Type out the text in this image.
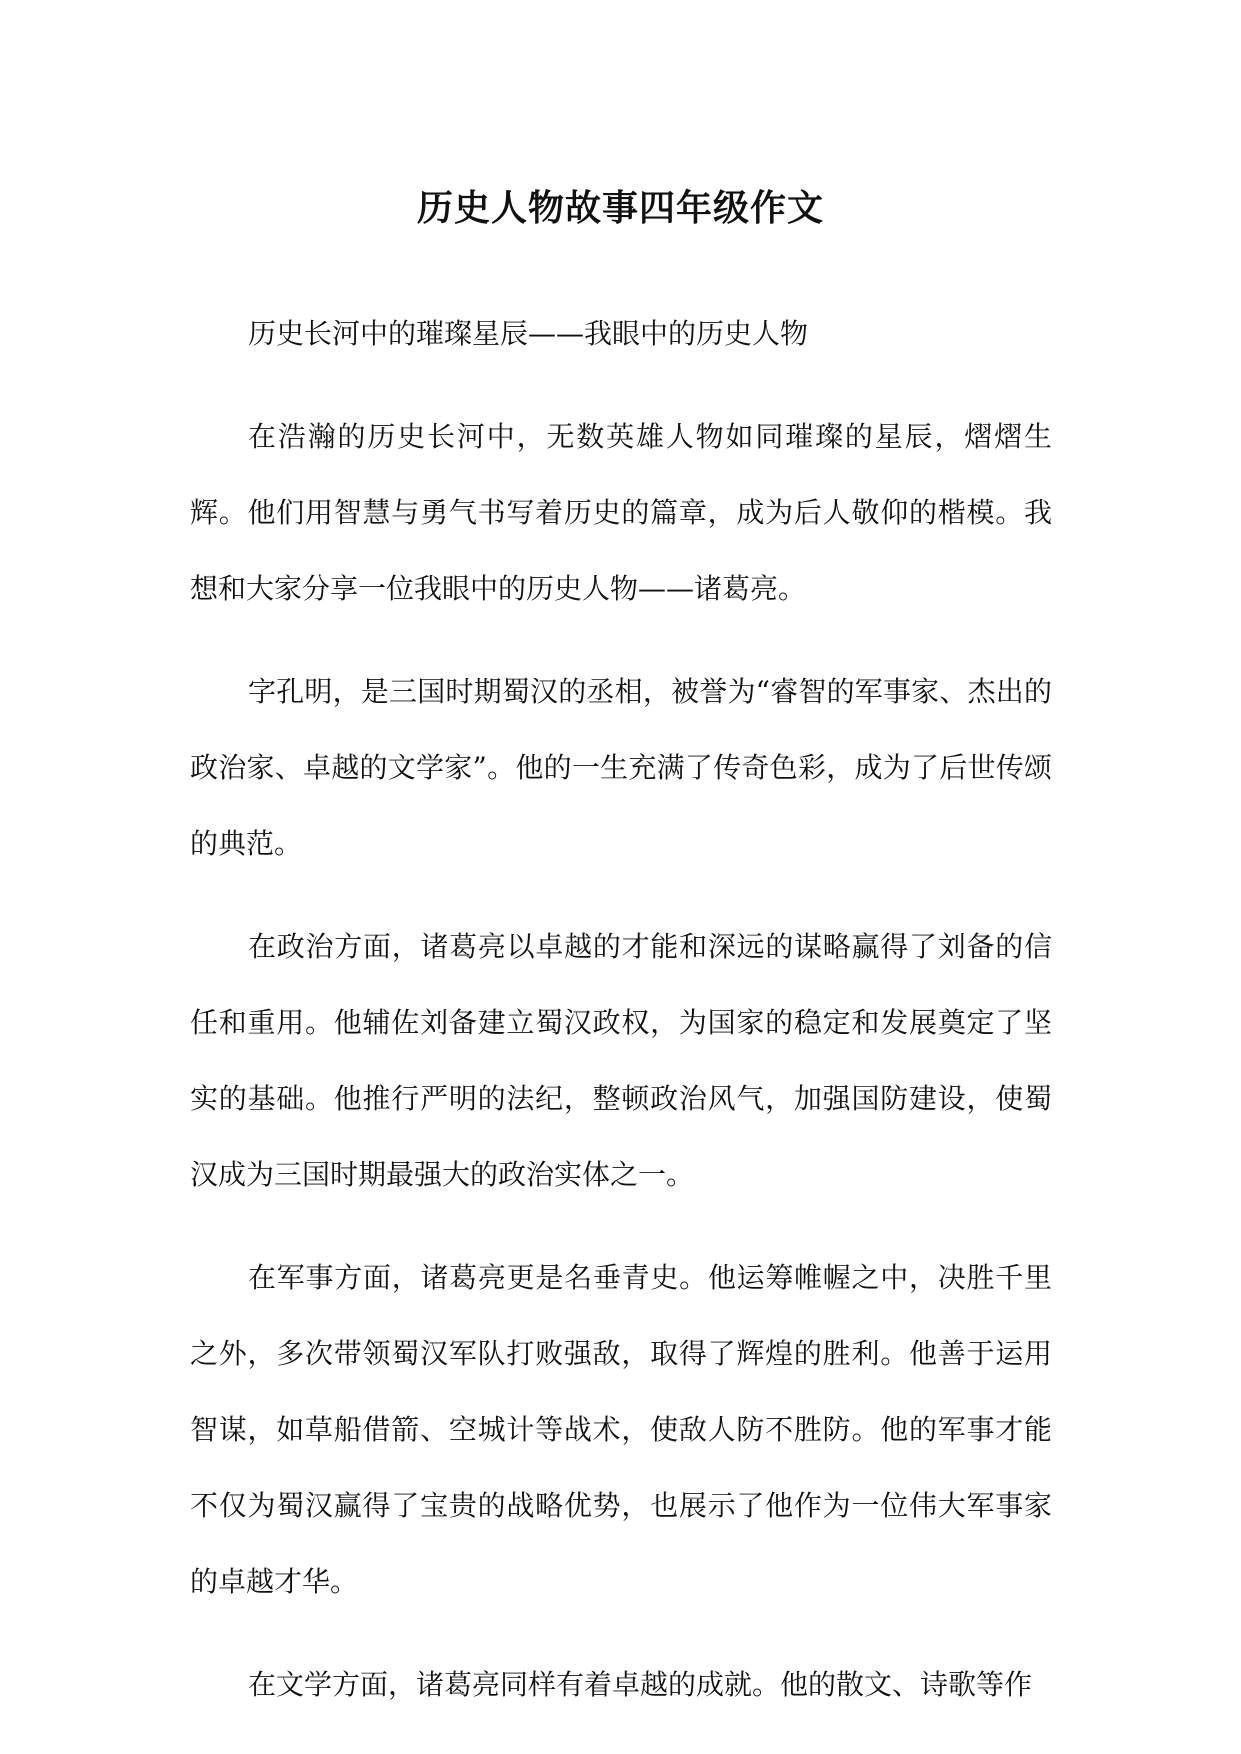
历史人物故事四年级作文

历史长河中的璀璨星辰——我眼中的历史人物

在浩瀚的历史长河中，无数英雄人物如同璀璨的星辰，熠熠生辉。他们用智慧与勇气书写着历史的篇章，成为后人敬仰的楷模。我想和大家分享一位我眼中的历史人物——诸葛亮。

字孔明，是三国时期蜀汉的丞相，被誉为“睿智的军事家、杰出的政治家、卓越的文学家”。他的一生充满了传奇色彩，成为了后世传颂的典范。

在政治方面，诸葛亮以卓越的才能和深远的谋略赢得了刘备的信任和重用。他辅佐刘备建立蜀汉政权，为国家的稳定和发展奠定了坚实的基础。他推行严明的法纪，整顿政治风气，加强国防建设，使蜀汉成为三国时期最强大的政治实体之一。

在军事方面，诸葛亮更是名垂青史。他运筹帷幄之中，决胜千里之外，多次带领蜀汉军队打败强敌，取得了辉煌的胜利。他善于运用智谋，如草船借箭、空城计等战术，使敌人防不胜防。他的军事才能不仅为蜀汉赢得了宝贵的战略优势，也展示了他作为一位伟大军事家的卓越才华。

在文学方面，诸葛亮同样有着卓越的成就。他的散文、诗歌等作
